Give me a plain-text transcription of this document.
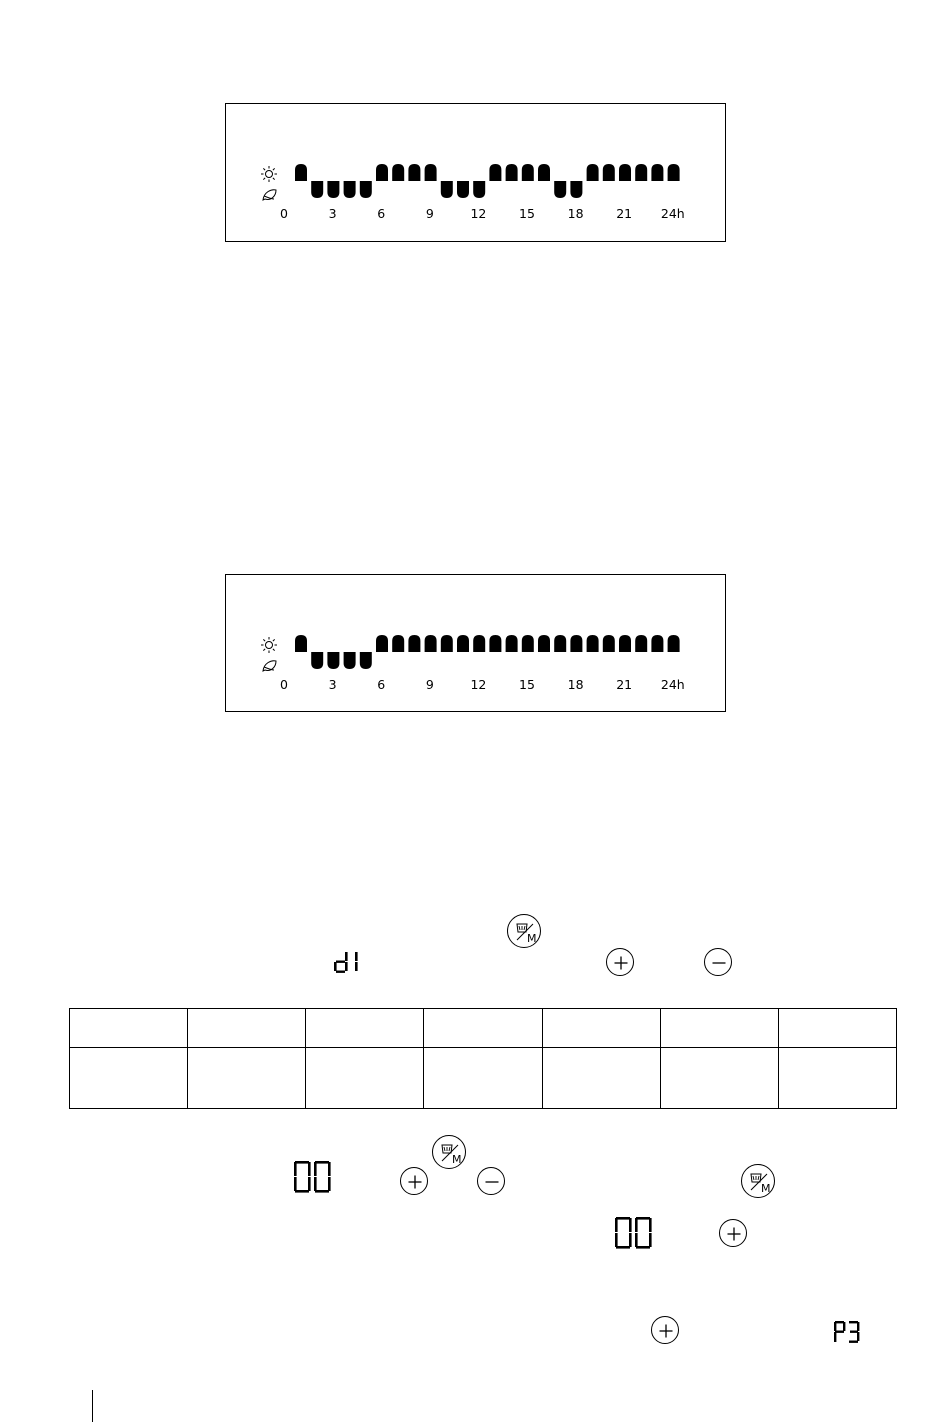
0	3	6	9	12	15	18	21 24h
0	3	6	9	12	15	18	21 24h
M

M
M
